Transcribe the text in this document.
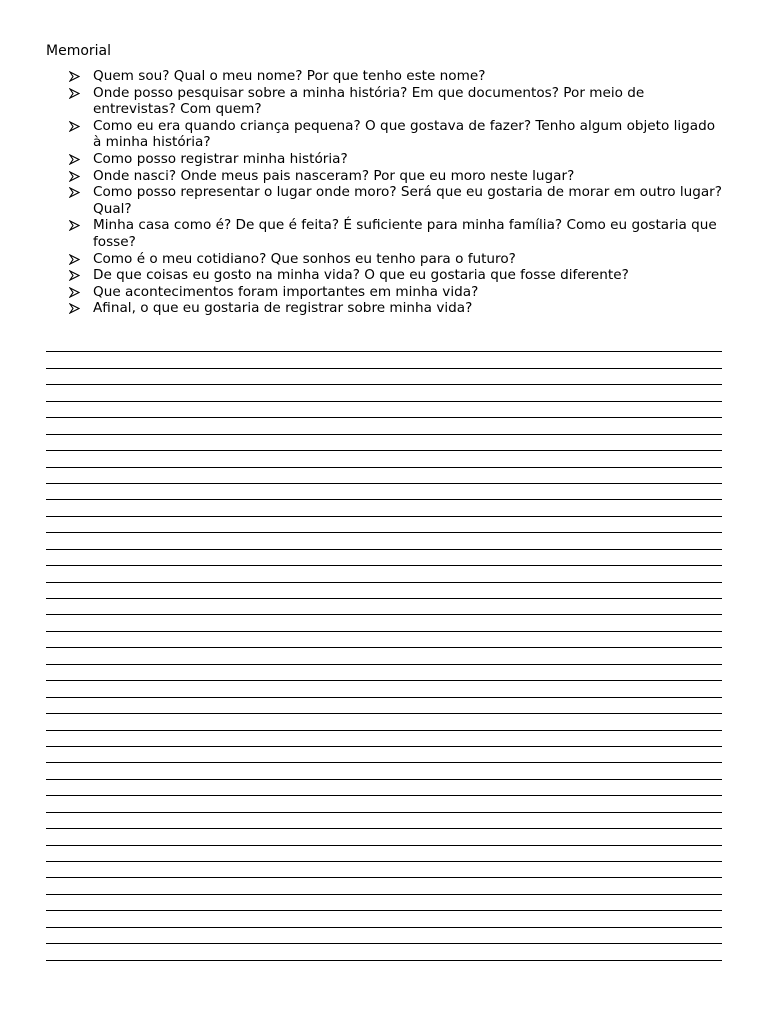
Memorial
Quem sou? Qual o meu nome? Por que tenho este nome?
Onde posso pesquisar sobre a minha história? Em que documentos? Por meio de entrevistas? Com quem?
Como eu era quando criança pequena? O que gostava de fazer? Tenho algum objeto ligado à minha história?
Como posso registrar minha história?
Onde nasci? Onde meus pais nasceram? Por que eu moro neste lugar?
Como posso representar o lugar onde moro? Será que eu gostaria de morar em outro lugar? Qual?
Minha casa como é? De que é feita? É suficiente para minha família? Como eu gostaria que fosse?
Como é o meu cotidiano? Que sonhos eu tenho para o futuro?
De que coisas eu gosto na minha vida? O que eu gostaria que fosse diferente?
Que acontecimentos foram importantes em minha vida?
Afinal, o que eu gostaria de registrar sobre minha vida?
